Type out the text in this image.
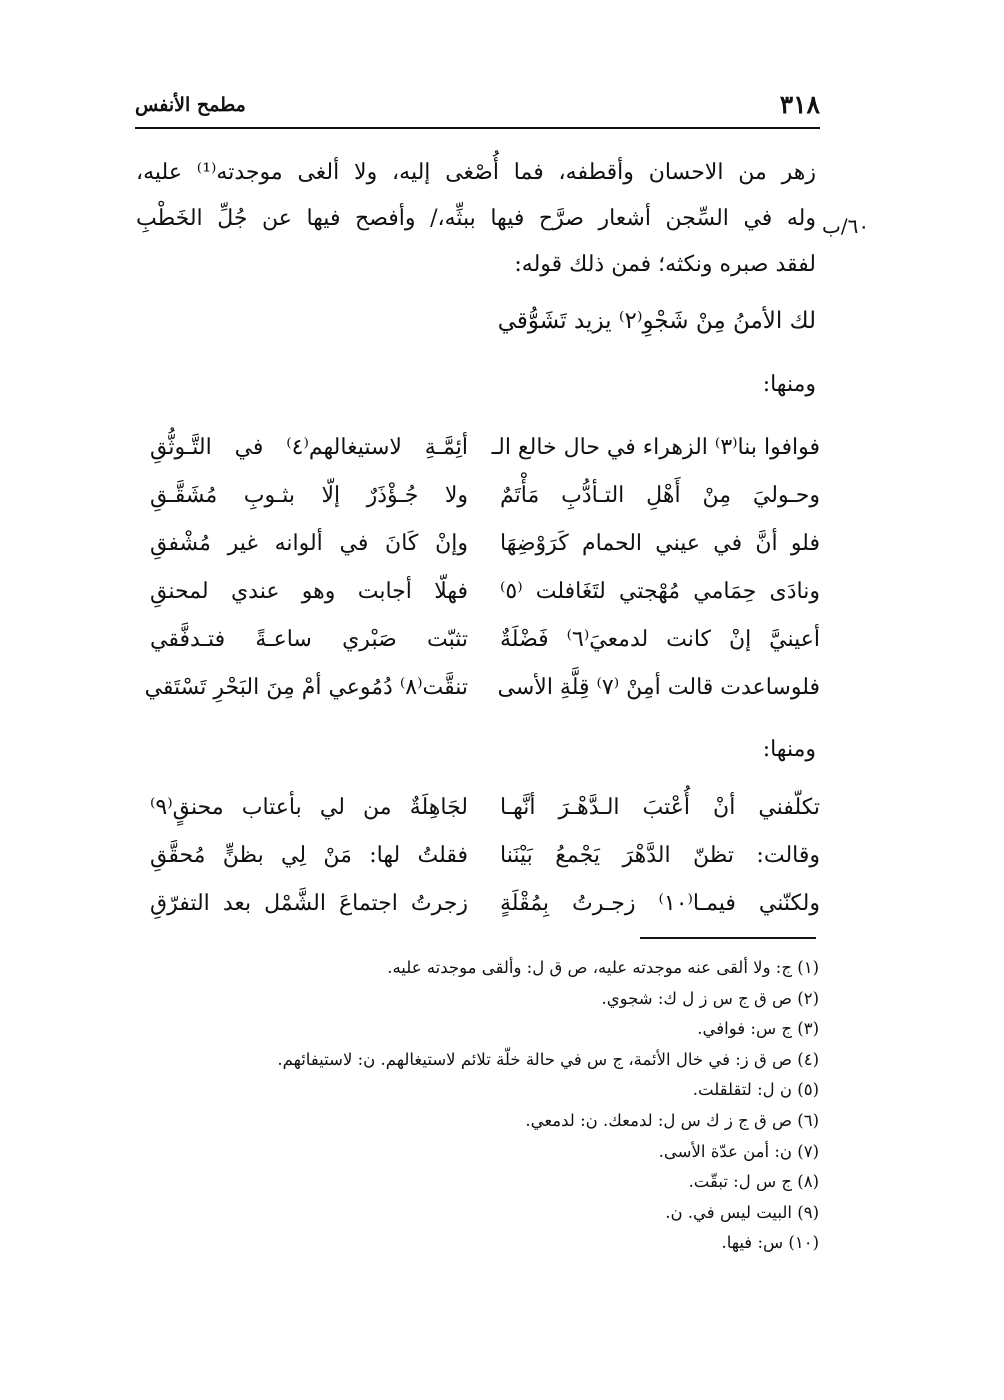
٣١٨
مطمح الأنفس
زهر من الاحسان وأقطفه، فما أُصْغى إليه، ولا ألغى موجدته⁽¹⁾ عليه،
وله في السِّجن أشعار صرَّح فيها ببثِّه،/ وأفصح فيها عن جُلِّ الخَطْبِ
لفقد صبره ونكثه؛ فمن ذلك قوله:
٦٠/ب
لك الأمنُ مِنْ شَجْوِ⁽٢⁾ يزيد تَشَوُّقي
ومنها:
فوافوا بنا⁽٣⁾ الزهراء في حال خالع الـ
أئِمَّـةِ لاستيغالهم⁽٤⁾ في التَّـوثُّقِ
وحـوليَ مِنْ أَهْلِ التـأدُّبِ مَأْتَمٌ
ولا جُـؤْذَرٌ إلّا بثـوبِ مُشَقَّـقِ
فلو أنَّ في عيني الحمام كَرَوْضِهَا
وإنْ كَانَ في ألوانه غير مُشْفقِ
ونادَى حِمَامي مُهْجتي لتَغَافلت ⁽٥⁾
فهلّا أجابت وهو عندي لمحنقِ
أعينيَّ إنْ كانت لدمعيَ⁽٦⁾ فَضْلَةٌ
تثبّت صَبْري ساعـةً فتـدفَّقي
فلوساعدت قالت أمِنْ ⁽٧⁾ قِلَّةِ الأسى
تنقَّت⁽٨⁾ دُمُوعي أمْ مِنَ البَحْرِ تَسْتَقي
ومنها:
تكلّفني أنْ أُعْتبَ الـدَّهْـرَ أنَّهـا
لجَاهِلَةٌ من لي بأعتاب محنقٍ⁽٩⁾
وقالت: تظنّ الدَّهْرَ يَجْمعُ بَيْنَنا
فقلتُ لها: مَنْ لِي بظنٍّ مُحقَّقِ
ولكنّني فيمـا⁽١٠⁾ زجـرتُ بِمُقْلَةٍ
زجرتُ اجتماعَ الشَّمْل بعد التفرّقِ
(١) ج: ولا ألقى عنه موجدته عليه، ص ق ل: وألقى موجدته عليه.
(٢) ص ق ج س ز ل ك: شجوي.
(٣) ج س: فوافي.
(٤) ص ق ز: في خال الأئمة، ج س في حالة خلّة تلائم لاستيغالهم. ن: لاستيفائهم.
(٥) ن ل: لتقلقلت.
(٦) ص ق ج ز ك س ل: لدمعك. ن: لدمعي.
(٧) ن: أمن عدّة الأسى.
(٨) ج س ل: تبقّت.
(٩) البيت ليس في. ن.
(١٠) س: فيها.
